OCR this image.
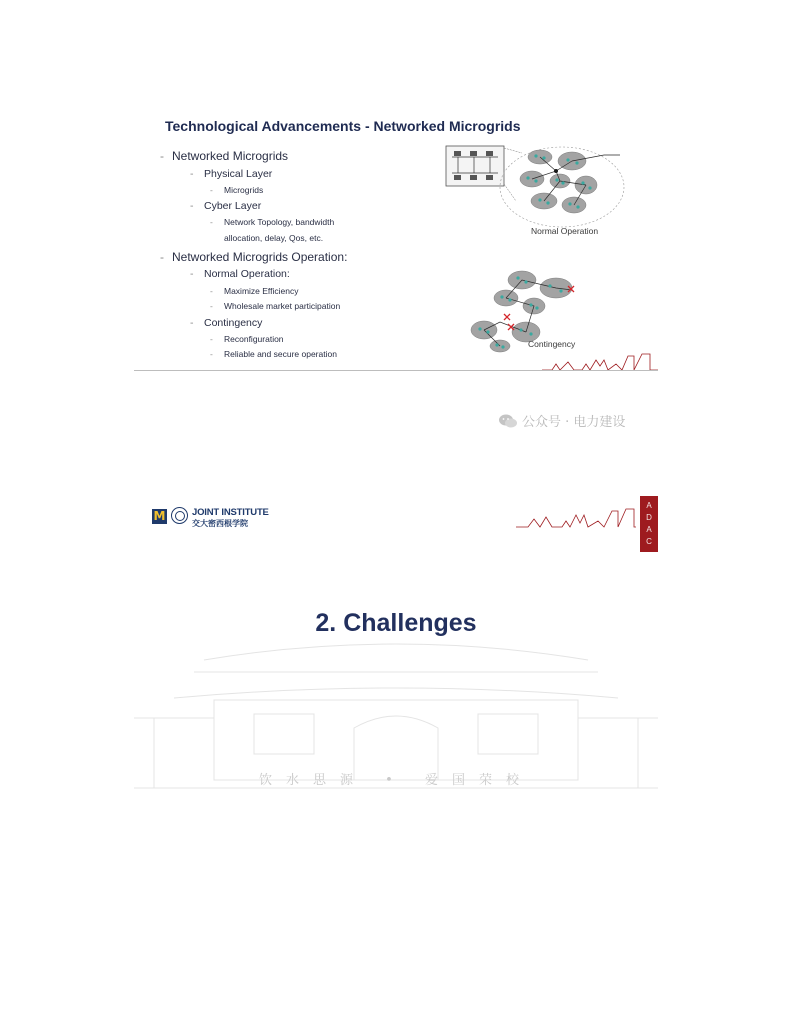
Technological Advancements - Networked Microgrids
- Networked Microgrids
- Physical Layer
- Microgrids
- Cyber Layer
- Network Topology, bandwidth
allocation, delay, Qos, etc.
- Networked Microgrids Operation:
- Normal Operation:
- Maximize Efficiency
- Wholesale market participation
- Contingency
- Reconfiguration
- Reliable and secure operation
Normal Operation
Contingency
公众号 · 电力建设
M	JOINT INSTITUTE
交大密西根学院
A
D
A
C
2. Challenges
饮水思源 • 爱国荣校
